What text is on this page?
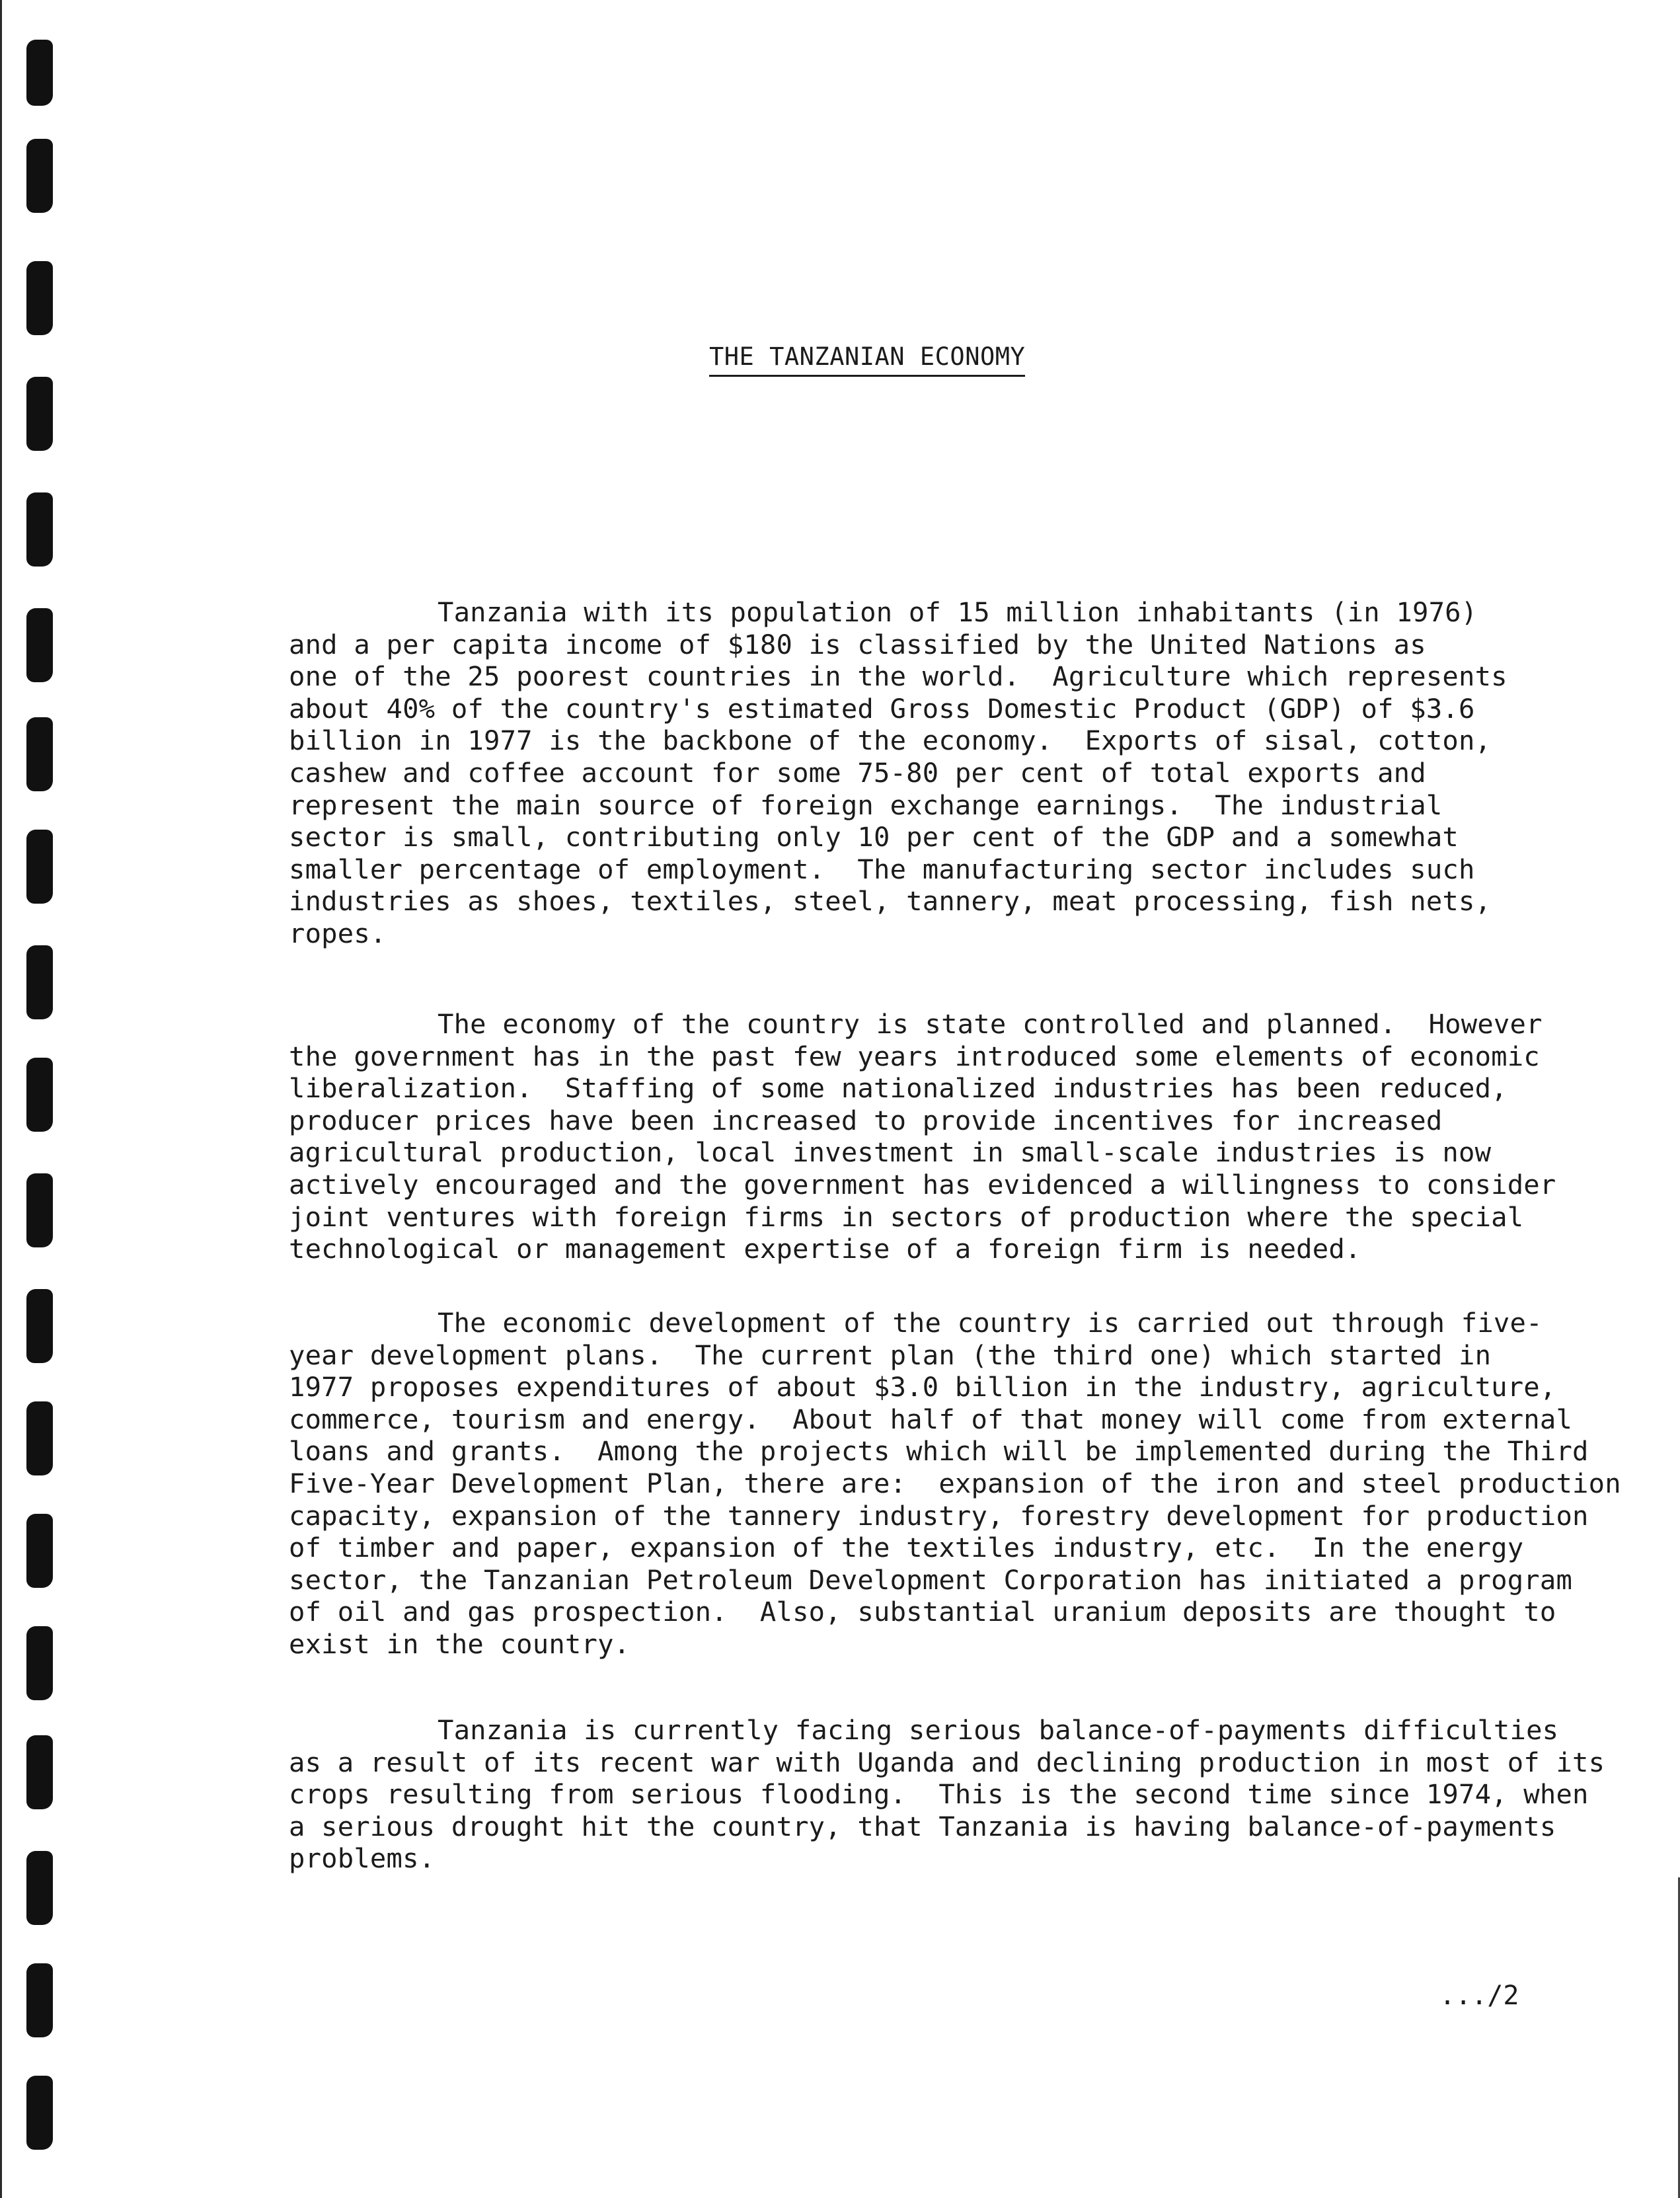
THE TANZANIAN ECONOMY
Tanzania with its population of 15 million inhabitants (in 1976)
and a per capita income of $180 is classified by the United Nations as
one of the 25 poorest countries in the world.  Agriculture which represents
about 40% of the country's estimated Gross Domestic Product (GDP) of $3.6
billion in 1977 is the backbone of the economy.  Exports of sisal, cotton,
cashew and coffee account for some 75-80 per cent of total exports and
represent the main source of foreign exchange earnings.  The industrial
sector is small, contributing only 10 per cent of the GDP and a somewhat
smaller percentage of employment.  The manufacturing sector includes such
industries as shoes, textiles, steel, tannery, meat processing, fish nets,
ropes.
The economy of the country is state controlled and planned.  However
the government has in the past few years introduced some elements of economic
liberalization.  Staffing of some nationalized industries has been reduced,
producer prices have been increased to provide incentives for increased
agricultural production, local investment in small-scale industries is now
actively encouraged and the government has evidenced a willingness to consider
joint ventures with foreign firms in sectors of production where the special
technological or management expertise of a foreign firm is needed.
The economic development of the country is carried out through five-
year development plans.  The current plan (the third one) which started in
1977 proposes expenditures of about $3.0 billion in the industry, agriculture,
commerce, tourism and energy.  About half of that money will come from external
loans and grants.  Among the projects which will be implemented during the Third
Five-Year Development Plan, there are:  expansion of the iron and steel production
capacity, expansion of the tannery industry, forestry development for production
of timber and paper, expansion of the textiles industry, etc.  In the energy
sector, the Tanzanian Petroleum Development Corporation has initiated a program
of oil and gas prospection.  Also, substantial uranium deposits are thought to
exist in the country.
Tanzania is currently facing serious balance-of-payments difficulties
as a result of its recent war with Uganda and declining production in most of its
crops resulting from serious flooding.  This is the second time since 1974, when
a serious drought hit the country, that Tanzania is having balance-of-payments
problems.
.../2
